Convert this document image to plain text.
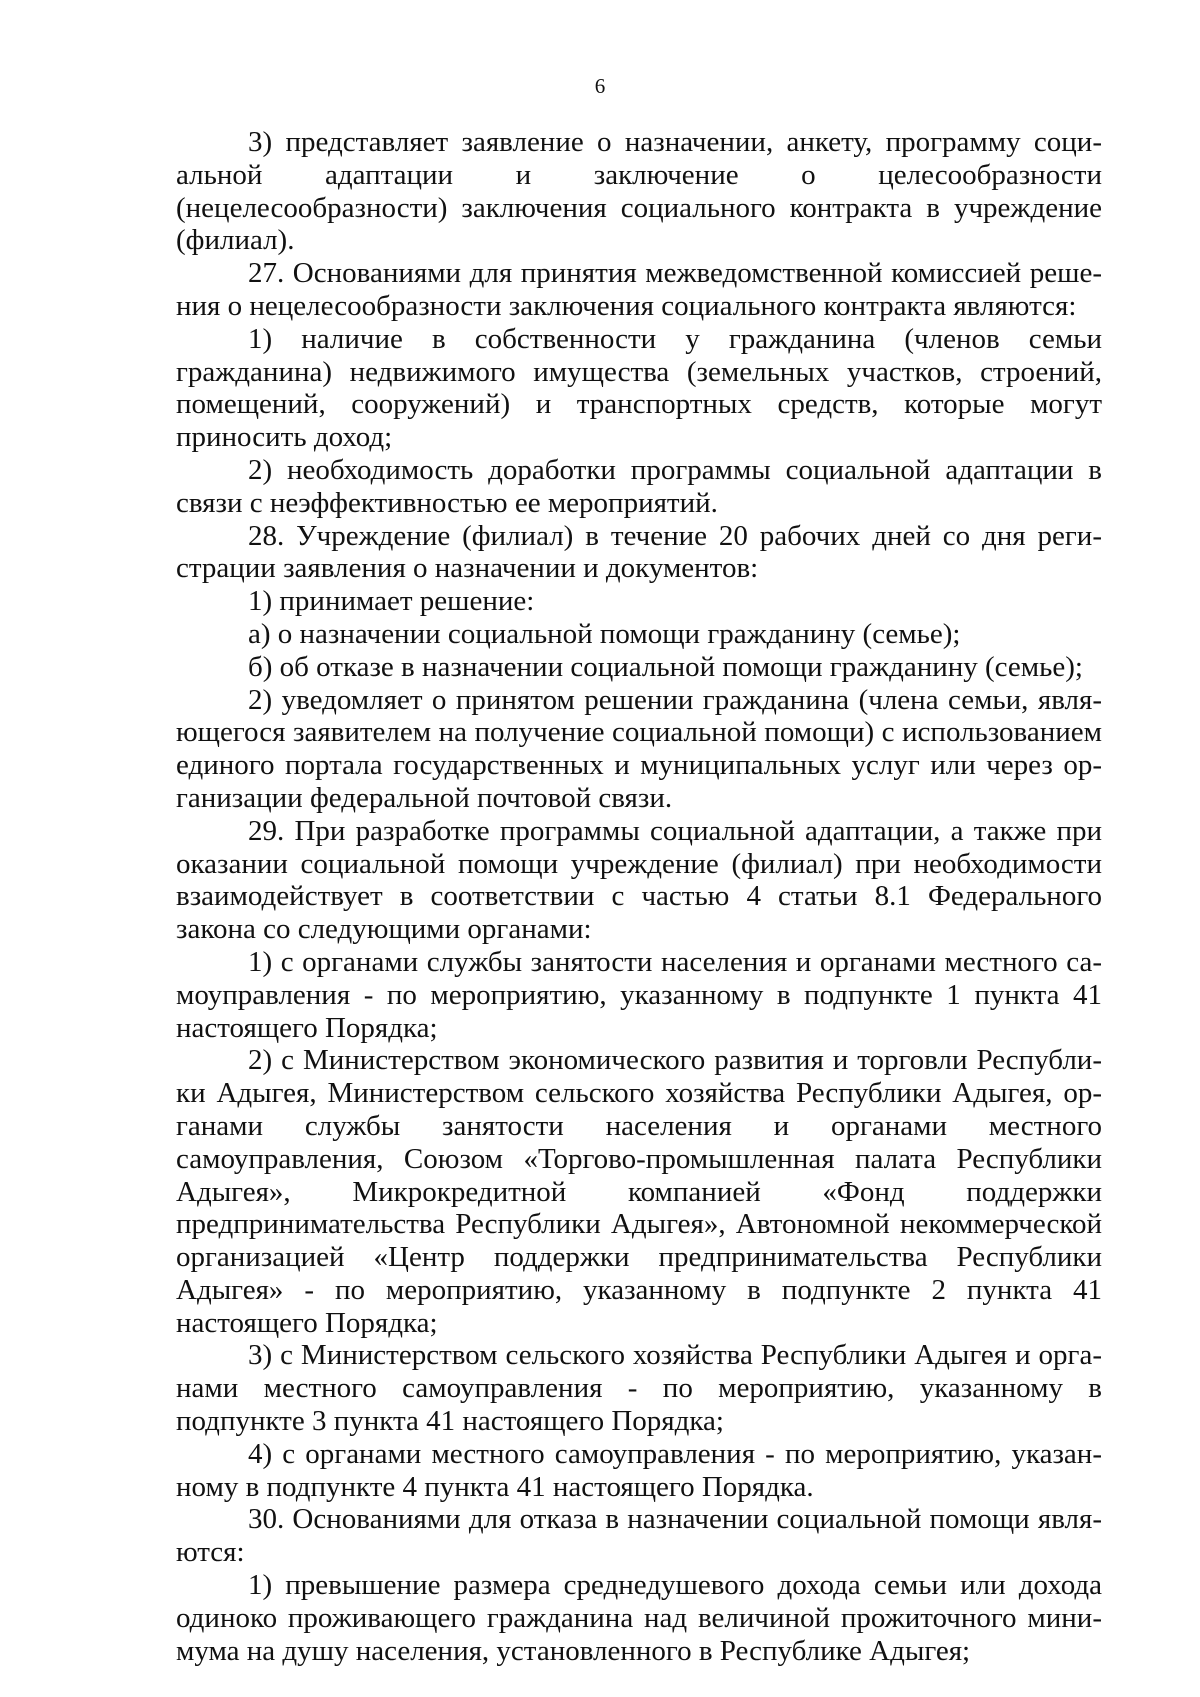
6

3) представляет заявление о назначении, анкету, программу социальной адаптации и заключение о целесообразности (нецелесообразности) заключения социального контракта в учреждение (филиал).

27. Основаниями для принятия межведомственной комиссией решения о нецелесообразности заключения социального контракта являются:

1) наличие в собственности у гражданина (членов семьи гражданина) недвижимого имущества (земельных участков, строений, помещений, сооружений) и транспортных средств, которые могут приносить доход;

2) необходимость доработки программы социальной адаптации в связи с неэффективностью ее мероприятий.

28. Учреждение (филиал) в течение 20 рабочих дней со дня регистрации заявления о назначении и документов:

1) принимает решение:

а) о назначении социальной помощи гражданину (семье);

б) об отказе в назначении социальной помощи гражданину (семье);

2) уведомляет о принятом решении гражданина (члена семьи, являющегося заявителем на получение социальной помощи) с использованием единого портала государственных и муниципальных услуг или через организации федеральной почтовой связи.

29. При разработке программы социальной адаптации, а также при оказании социальной помощи учреждение (филиал) при необходимости взаимодействует в соответствии с частью 4 статьи 8.1 Федерального закона со следующими органами:

1) с органами службы занятости населения и органами местного самоуправления - по мероприятию, указанному в подпункте 1 пункта 41 настоящего Порядка;

2) с Министерством экономического развития и торговли Республики Адыгея, Министерством сельского хозяйства Республики Адыгея, органами службы занятости населения и органами местного самоуправления, Союзом «Торгово-промышленная палата Республики Адыгея», Микрокредитной компанией «Фонд поддержки предпринимательства Республики Адыгея», Автономной некоммерческой организацией «Центр поддержки предпринимательства Республики Адыгея» - по мероприятию, указанному в подпункте 2 пункта 41 настоящего Порядка;

3) с Министерством сельского хозяйства Республики Адыгея и органами местного самоуправления - по мероприятию, указанному в подпункте 3 пункта 41 настоящего Порядка;

4) с органами местного самоуправления - по мероприятию, указанному в подпункте 4 пункта 41 настоящего Порядка.

30. Основаниями для отказа в назначении социальной помощи являются:

1) превышение размера среднедушевого дохода семьи или дохода одиноко проживающего гражданина над величиной прожиточного минимума на душу населения, установленного в Республике Адыгея;
